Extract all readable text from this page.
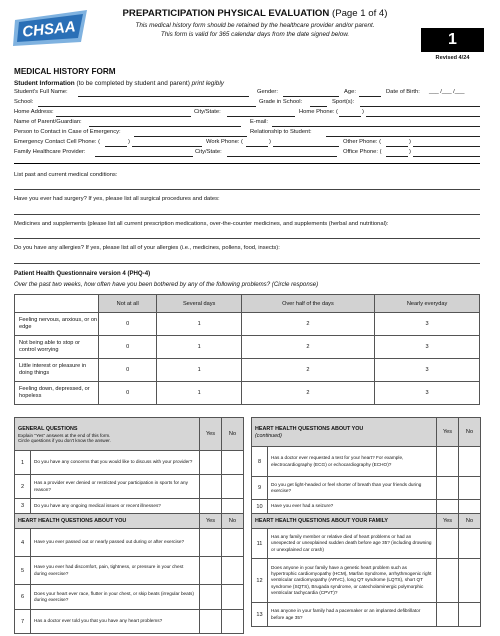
CHSAA
PREPARTICIPATION PHYSICAL EVALUATION (Page 1 of 4)
This medical history form should be retained by the healthcare provider and/or parent.
This form is valid for 365 calendar days from the date signed below.	1
Revised 4/24
MEDICAL HISTORY FORM
Student Information (to be completed by student and parent) print legibly
Student's Full Name:	Gender:	Age:	Date of Birth: ___ /___ /___
School:	Grade in School:	Sport(s):
Home Address:	City/State:	Home Phone: (	)
Name of Parent/Guardian:	E-mail:
Person to Contact in Case of Emergency:	Relationship to Student:
Emergency Contact Cell Phone: (	)	Work Phone: (	)	Other Phone: (	)
Family Healthcare Provider:	City/State:	Office Phone: (	)
List past and current medical conditions:
Have you ever had surgery? If yes, please list all surgical procedures and dates:
Medicines and supplements (please list all current prescription medications, over-the-counter medicines, and supplements (herbal and nutritional):
Do you have any allergies? If yes, please list all of your allergies (i.e., medicines, pollens, food, insects):
Patient Health Questionnaire version 4 (PHQ-4)
Over the past two weeks, how often have you been bothered by any of the following problems? (Circle response)
	Not at all	Several days	Over half of the days	Nearly everyday
Feeling nervous, anxious, or on edge	0	1	2	3
Not being able to stop or control worrying	0	1	2	3
Little interest or pleasure in doing things	0	1	2	3
Feeling down, depressed, or hopeless	0	1	2	3
GENERAL QUESTIONS
Explain "Yes" answers at the end of this form.
Circle questions if you don't know the answer.		Yes	No
1	Do you have any concerns that you would like to discuss with your provider?		
2	Has a provider ever denied or restricted your participation in sports for any reason?		
3	Do you have any ongoing medical issues or recent illnesses?		
HEART HEALTH QUESTIONS ABOUT YOU		Yes	No
4	Have you ever passed out or nearly passed out during or after exercise?		
5	Have you ever had discomfort, pain, tightness, or pressure in your chest during exercise?		
6	Does your heart ever race, flutter in your chest, or skip beats (irregular beats) during exercise?		
7	Has a doctor ever told you that you have any heart problems?		
HEART HEALTH QUESTIONS ABOUT YOU
(continued)		Yes	No
8	Has a doctor ever requested a test for your heart? For example, electrocardiography (ECG) or echocardiography (ECHO)?		
9	Do you get light-headed or feel shorter of breath than your friends during exercise?		
10	Have you ever had a seizure?		
HEART HEALTH QUESTIONS ABOUT YOUR FAMILY		Yes	No
11	Has any family member or relative died of heart problems or had an unexpected or unexplained sudden death before age 35? (including drowning or unexplained car crash)		
12	Does anyone in your family have a genetic heart problem such as hypertrophic cardiomyopathy (HCM), Marfan Syndrome, arrhythmogenic right ventricular cardiomyopathy (ARVC), long QT syndrome (LQTS), short QT syndrome (SQTS), Brugada syndrome, or catecholaminergic polymorphic ventricular tachycardia (CPVT)?		
13	Has anyone in your family had a pacemaker or an implanted defibrillator before age 35?		
